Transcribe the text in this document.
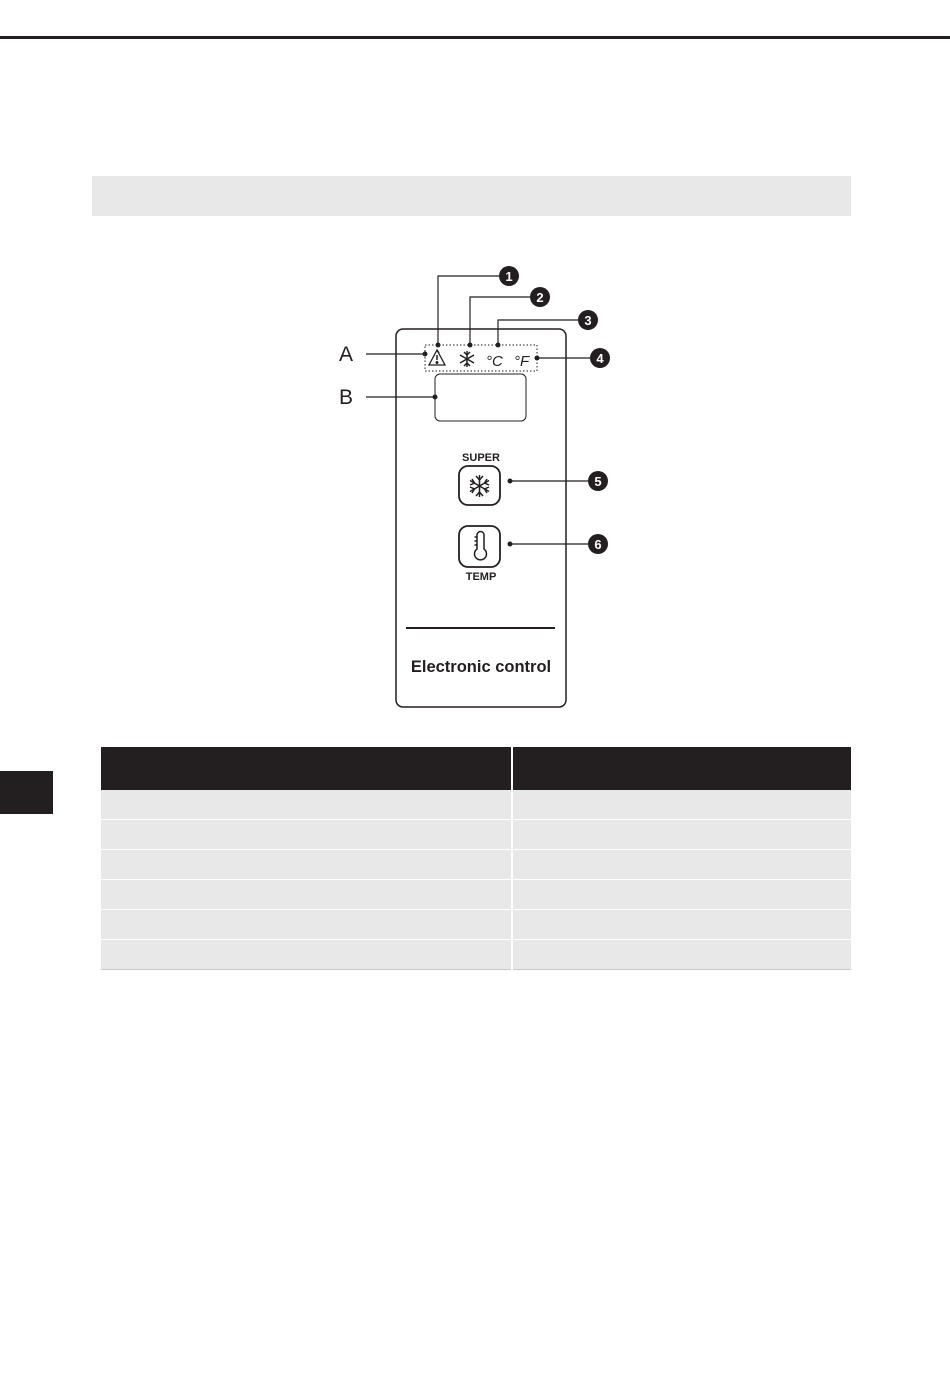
1
2
3
4
5
6
A
B
°C °F
SUPER
TEMP
Electronic control
